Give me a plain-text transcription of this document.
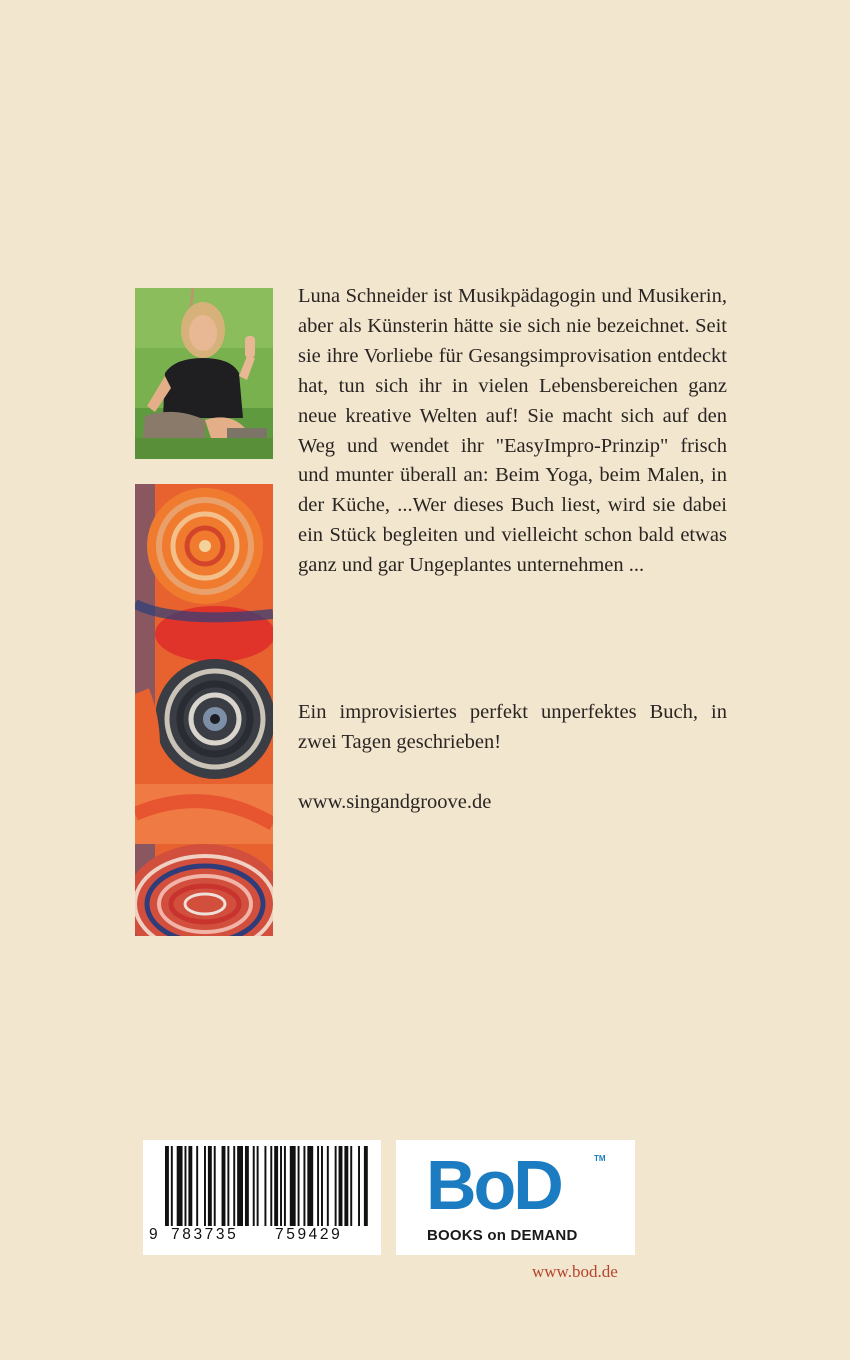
Luna Schneider ist Musikpädagogin und Musikerin, aber als Künsterin hätte sie sich nie bezeichnet. Seit sie ihre Vorliebe für Gesangsimprovisation entdeckt hat, tun sich ihr in vielen Lebensbereichen ganz neue kreative Welten auf! Sie macht sich auf den Weg und wendet ihr "EasyImpro-Prinzip" frisch und munter überall an: Beim Yoga, beim Malen, in der Küche, ...Wer dieses Buch liest, wird sie dabei ein Stück begleiten und vielleicht schon bald etwas ganz und gar Ungeplantes unternehmen ...

Ein improvisiertes perfekt unperfektes Buch, in zwei Tagen geschrieben!

www.singandgroove.de

9 783735 759429
BoD	TM
BOOKS on DEMAND
www.bod.de
